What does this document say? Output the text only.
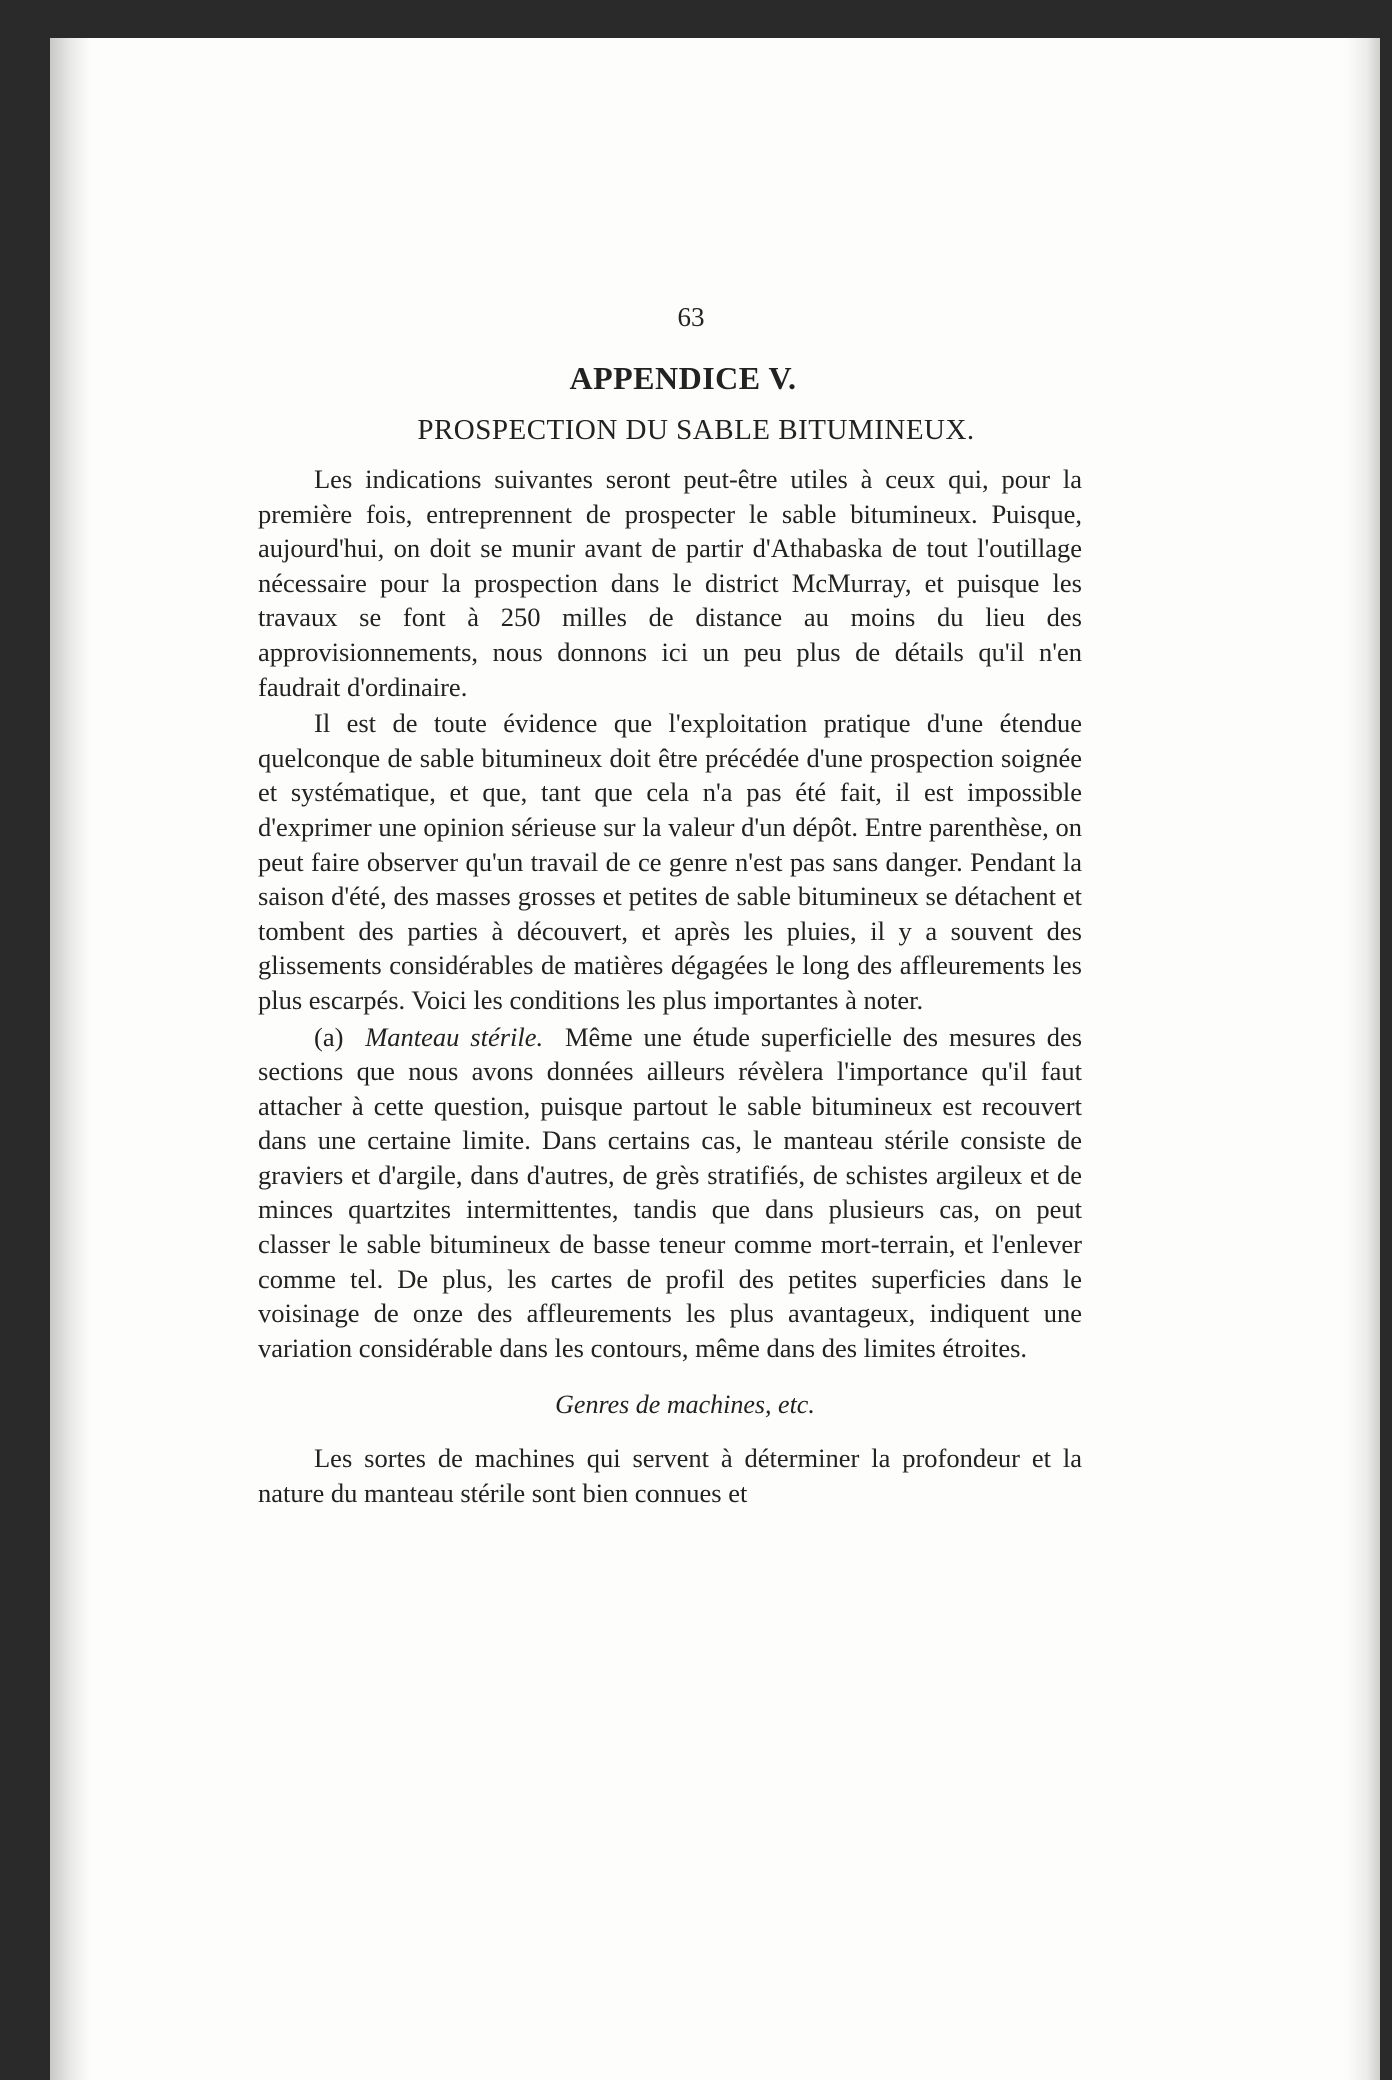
63
APPENDICE V.
PROSPECTION DU SABLE BITUMINEUX.

Les indications suivantes seront peut-être utiles à ceux qui, pour la première fois, entreprennent de prospecter le sable bitumineux. Puisque, aujourd'hui, on doit se munir avant de partir d'Athabaska de tout l'outillage nécessaire pour la prospection dans le district McMurray, et puisque les travaux se font à 250 milles de distance au moins du lieu des approvisionnements, nous donnons ici un peu plus de détails qu'il n'en faudrait d'ordinaire.

Il est de toute évidence que l'exploitation pratique d'une étendue quelconque de sable bitumineux doit être précédée d'une prospection soignée et systématique, et que, tant que cela n'a pas été fait, il est impossible d'exprimer une opinion sérieuse sur la valeur d'un dépôt. Entre parenthèse, on peut faire observer qu'un travail de ce genre n'est pas sans danger. Pendant la saison d'été, des masses grosses et petites de sable bitumineux se détachent et tombent des parties à découvert, et après les pluies, il y a souvent des glissements considérables de matières dégagées le long des affleurements les plus escarpés. Voici les conditions les plus importantes à noter.

(a) Manteau stérile. Même une étude superficielle des mesures des sections que nous avons données ailleurs révèlera l'importance qu'il faut attacher à cette question, puisque partout le sable bitumineux est recouvert dans une certaine limite. Dans certains cas, le manteau stérile consiste de graviers et d'argile, dans d'autres, de grès stratifiés, de schistes argileux et de minces quartzites intermittentes, tandis que dans plusieurs cas, on peut classer le sable bitumineux de basse teneur comme mort-terrain, et l'enlever comme tel. De plus, les cartes de profil des petites superficies dans le voisinage de onze des affleurements les plus avantageux, indiquent une variation considérable dans les contours, même dans des limites étroites.

Genres de machines, etc.

Les sortes de machines qui servent à déterminer la profondeur et la nature du manteau stérile sont bien connues et
